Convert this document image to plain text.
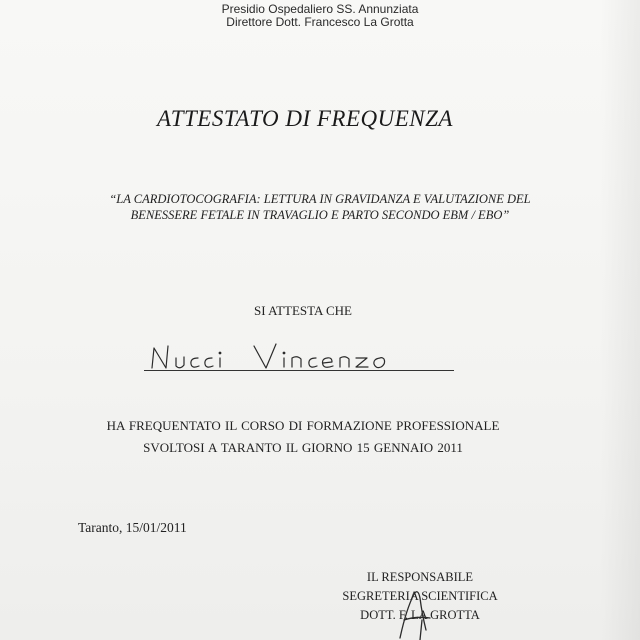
Presidio Ospedaliero SS. Annunziata
Direttore Dott. Francesco La Grotta
ATTESTATO DI FREQUENZA
“LA CARDIOTOCOGRAFIA: LETTURA IN GRAVIDANZA E VALUTAZIONE DEL
BENESSERE FETALE IN TRAVAGLIO E PARTO SECONDO EBM / EBO”
SI ATTESTA CHE
HA FREQUENTATO IL CORSO DI FORMAZIONE PROFESSIONALE
SVOLTOSI A TARANTO IL GIORNO 15 GENNAIO 2011
Taranto, 15/01/2011
IL RESPONSABILE
SEGRETERIA SCIENTIFICA
DOTT. F. LA GROTTA
